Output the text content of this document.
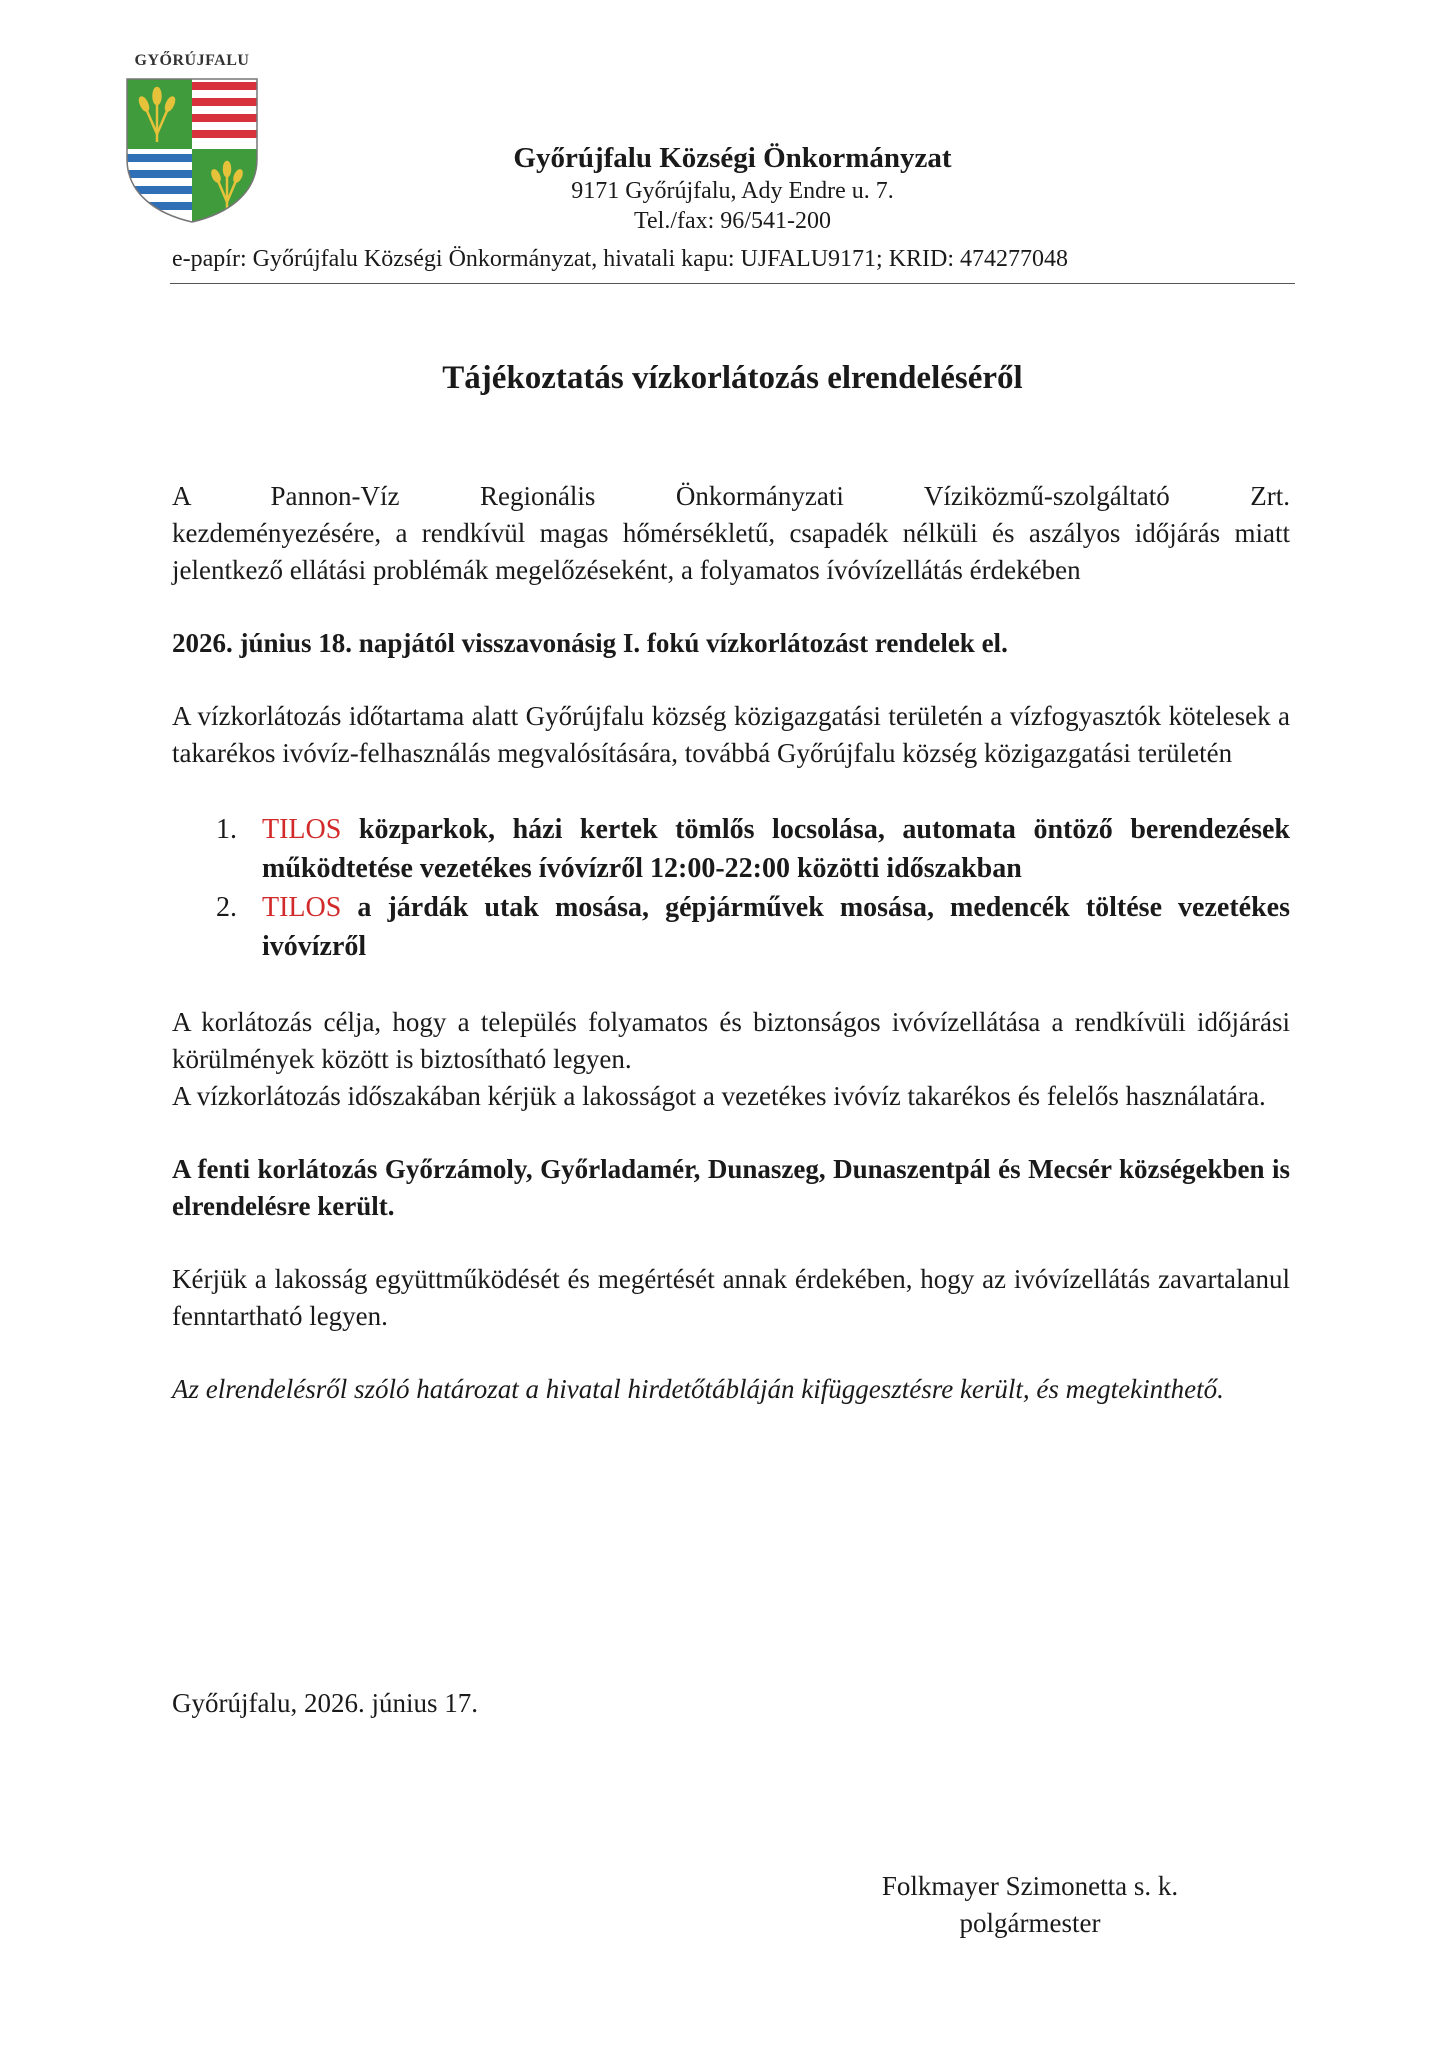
GYŐRÚJFALU
Győrújfalu Községi Önkormányzat
9171 Győrújfalu, Ady Endre u. 7.
Tel./fax: 96/541-200
e-papír: Győrújfalu Községi Önkormányzat, hivatali kapu: UJFALU9171; KRID: 474277048
Tájékoztatás vízkorlátozás elrendeléséről

A Pannon-Víz Regionális Önkormányzati Víziközmű-szolgáltató Zrt.

kezdeményezésére, a rendkívül magas hőmérsékletű, csapadék nélküli és aszályos időjárás miatt jelentkező ellátási problémák megelőzéseként, a folyamatos ívóvízellátás érdekében

2026. június 18. napjától visszavonásig I. fokú vízkorlátozást rendelek el.

A vízkorlátozás időtartama alatt Győrújfalu község közigazgatási területén a vízfogyasztók kötelesek a takarékos ivóvíz-felhasználás megvalósítására, továbbá Győrújfalu község közigazgatási területén

1. TILOS közparkok, házi kertek tömlős locsolása, automata öntöző berendezések működtetése vezetékes ívóvízről 12:00-22:00 közötti időszakban
2. TILOS a járdák utak mosása, gépjárművek mosása, medencék töltése vezetékes ivóvízről

A korlátozás célja, hogy a település folyamatos és biztonságos ivóvízellátása a rendkívüli időjárási körülmények között is biztosítható legyen.

A vízkorlátozás időszakában kérjük a lakosságot a vezetékes ivóvíz takarékos és felelős használatára.

A fenti korlátozás Győrzámoly, Győrladamér, Dunaszeg, Dunaszentpál és Mecsér községekben is elrendelésre került.

Kérjük a lakosság együttműködését és megértését annak érdekében, hogy az ivóvízellátás zavartalanul fenntartható legyen.

Az elrendelésről szóló határozat a hivatal hirdetőtábláján kifüggesztésre került, és megtekinthető.

Győrújfalu, 2026. június 17.
Folkmayer Szimonetta s. k.
polgármester
